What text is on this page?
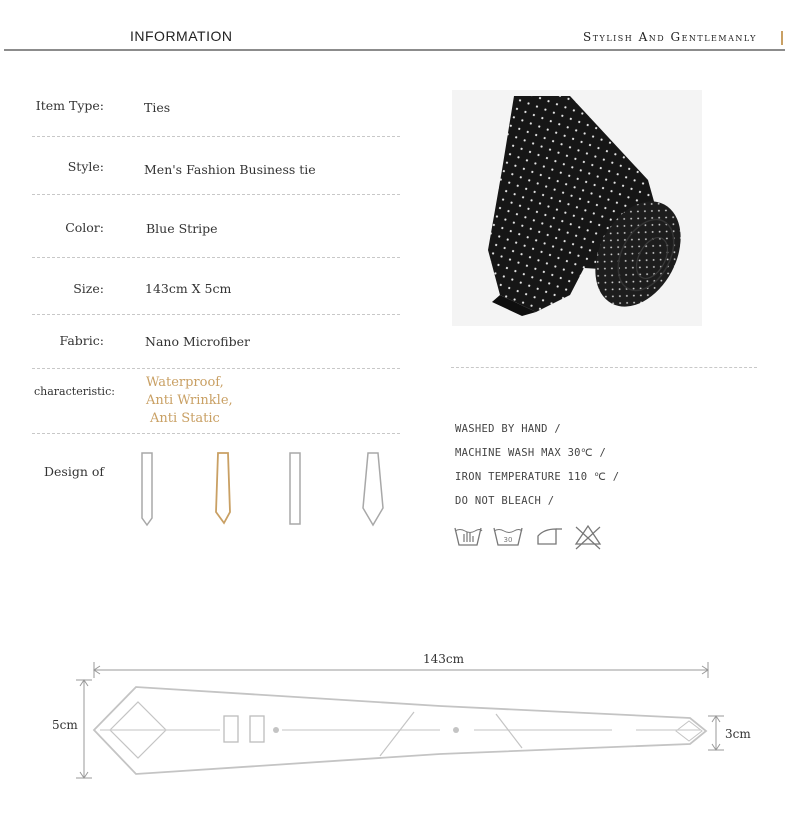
INFORMATION	Stylish And Gentlemanly
Item Type:	Ties
Style:	Men's Fashion Business tie
Color:	Blue Stripe
Size:	143cm X 5cm
Fabric:	Nano Microfiber
characteristic:
Waterproof,
Anti Wrinkle,
Anti Static
Design of
WASHED BY HAND /
MACHINE WASH MAX 30℃ /
IRON TEMPERATURE 110 ℃ /
DO NOT BLEACH /
30
143cm
5cm
3cm
